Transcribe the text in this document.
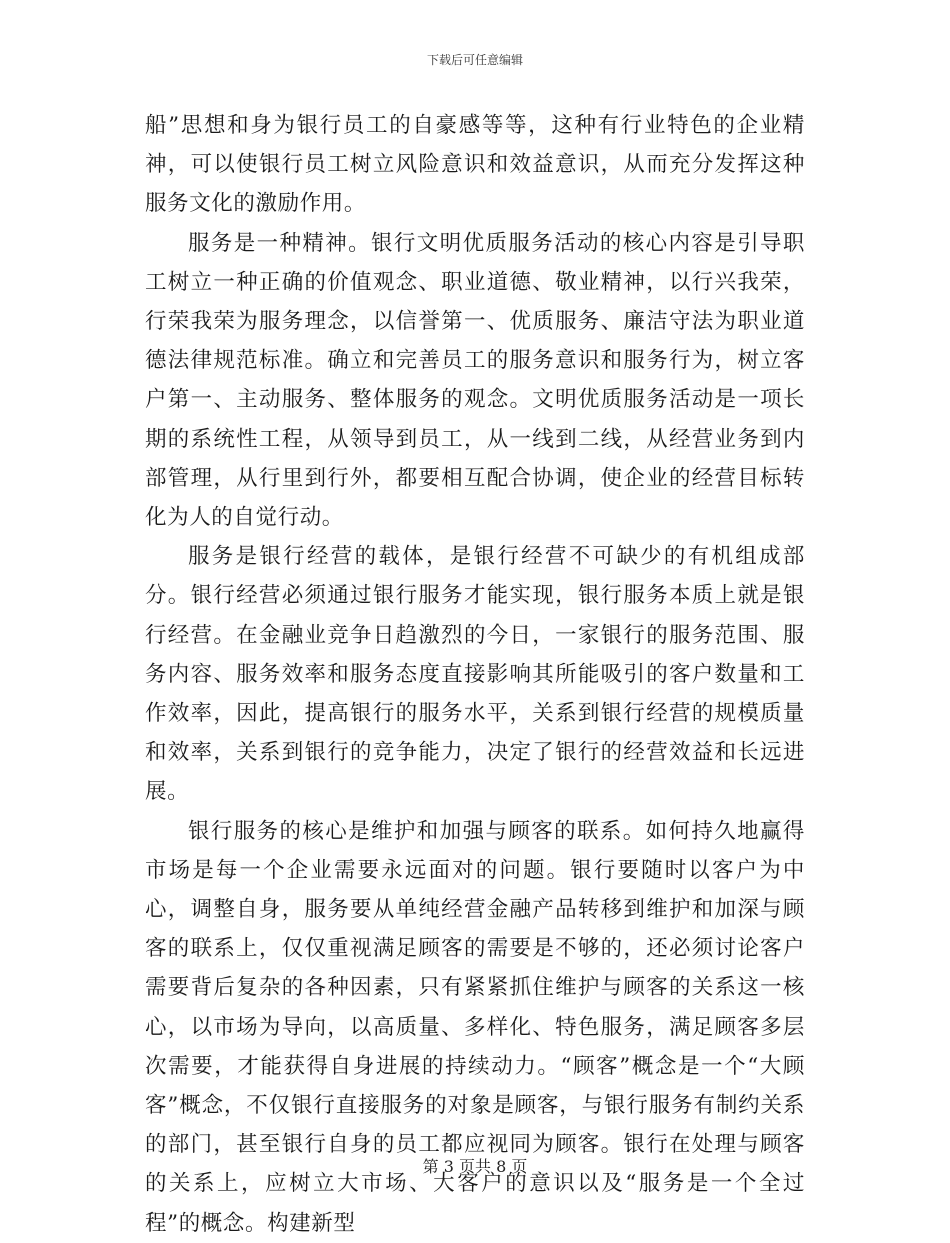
下载后可任意编辑

船”思想和身为银行员工的自豪感等等，这种有行业特色的企业精神，可以使银行员工树立风险意识和效益意识，从而充分发挥这种服务文化的激励作用。

服务是一种精神。银行文明优质服务活动的核心内容是引导职工树立一种正确的价值观念、职业道德、敬业精神，以行兴我荣，行荣我荣为服务理念，以信誉第一、优质服务、廉洁守法为职业道德法律规范标准。确立和完善员工的服务意识和服务行为，树立客户第一、主动服务、整体服务的观念。文明优质服务活动是一项长期的系统性工程，从领导到员工，从一线到二线，从经营业务到内部管理，从行里到行外，都要相互配合协调，使企业的经营目标转化为人的自觉行动。

服务是银行经营的载体，是银行经营不可缺少的有机组成部分。银行经营必须通过银行服务才能实现，银行服务本质上就是银行经营。在金融业竞争日趋激烈的今日，一家银行的服务范围、服务内容、服务效率和服务态度直接影响其所能吸引的客户数量和工作效率，因此，提高银行的服务水平，关系到银行经营的规模质量和效率，关系到银行的竞争能力，决定了银行的经营效益和长远进展。

银行服务的核心是维护和加强与顾客的联系。如何持久地赢得市场是每一个企业需要永远面对的问题。银行要随时以客户为中心，调整自身，服务要从单纯经营金融产品转移到维护和加深与顾客的联系上，仅仅重视满足顾客的需要是不够的，还必须讨论客户需要背后复杂的各种因素，只有紧紧抓住维护与顾客的关系这一核心，以市场为导向，以高质量、多样化、特色服务，满足顾客多层次需要，才能获得自身进展的持续动力。“顾客”概念是一个“大顾客”概念，不仅银行直接服务的对象是顾客，与银行服务有制约关系的部门，甚至银行自身的员工都应视同为顾客。银行在处理与顾客的关系上，应树立大市场、大客户的意识以及“服务是一个全过程”的概念。构建新型

第 3 页共 8 页
